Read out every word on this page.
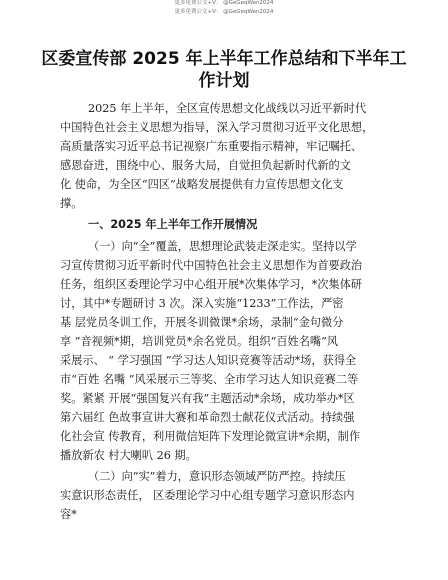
更多免费公文+V： @GeGeqWen2024
更多免费公文+V： @GeGeqWen2024
区委宣传部 2025 年上半年工作总结和下半年工
作计划
2025 年上半年，全区宣传思想文化战线以习近平新时代
中国特色社会主义思想为指导，深入学习贯彻习近平文化思想，
高质量落实习近平总书记视察广东重要指示精神，牢记嘱托、
感恩奋进，围绕中心、服务大局，自觉担负起新时代新的文
化 使命，为全区“四区”战略发展提供有力宣传思想文化支
撑。
一、2025 年上半年工作开展情况
（一）向“全”覆盖，思想理论武装走深走实。坚持以学
习宣传贯彻习近平新时代中国特色社会主义思想作为首要政治
任务，组织区委理论学习中心组开展*次集体学习，*次集体研
讨，其中*专题研讨 3 次。深入实施“1233”工作法，严密
基 层党员冬训工作，开展冬训微课*余场，录制“金句微分
享 ”音视频*期，培训党员*余名党员。组织“百姓名嘴”风
采展示、 “ 学习强国 ”学习达人知识竞赛等活动*场，获得全
市“百姓 名嘴 ”风采展示三等奖、全市学习达人知识竞赛二等
奖。紧紧 开展“强国复兴有我”主题活动*余场，成功举办*区
第六届红 色故事宣讲大赛和革命烈士献花仪式活动。持续强
化社会宣 传教育，利用微信矩阵下发理论微宣讲*余期，制作
播放新农 村大喇叭 26 期。
（二）向“实”着力，意识形态领域严防严控。持续压
实意识形态责任， 区委理论学习中心组专题学习意识形态内
容*
